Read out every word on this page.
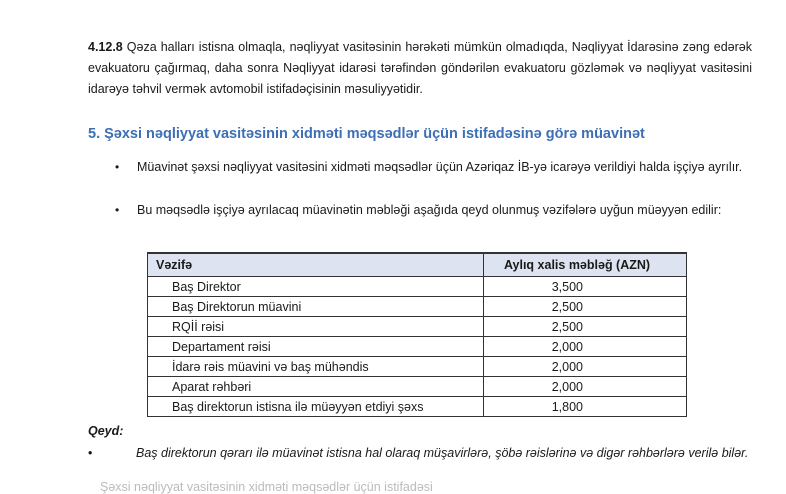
4.12.8 Qəza halları istisna olmaqla, nəqliyyat vasitəsinin hərəkəti mümkün olmadıqda, Nəqliyyat İdarəsinə zəng edərək evakuatoru çağırmaq, daha sonra Nəqliyyat idarəsi tərəfindən göndərilən evakuatoru gözləmək və nəqliyyat vasitəsini idarəyə təhvil vermək avtomobil istifadəçisinin məsuliyyətidir.
5. Şəxsi nəqliyyat vasitəsinin xidməti məqsədlər üçün istifadəsinə görə müavinət
• Müavinət şəxsi nəqliyyat vasitəsini xidməti məqsədlər üçün Azəriqaz İB-yə icarəyə verildiyi halda işçiyə ayrılır.
• Bu məqsədlə işçiyə ayrılacaq müavinətin məbləği aşağıda qeyd olunmuş vəzifələrə uyğun müəyyən edilir:
Vəzifə	Aylıq xalis məbləğ (AZN)
Baş Direktor	3,500
Baş Direktorun müavini	2,500
RQİİ rəisi	2,500
Departament rəisi	2,000
İdarə rəis müavini və baş mühəndis	2,000
Aparat rəhbəri	2,000
Baş direktorun istisna ilə müəyyən etdiyi şəxs	1,800
Qeyd:
•	Baş direktorun qərarı ilə müavinət istisna hal olaraq müşavirlərə, şöbə rəislərinə və digər rəhbərlərə verilə bilər.
Şəxsi nəqliyyat vasitəsinin xidməti məqsədlər üçün istifadəsi
